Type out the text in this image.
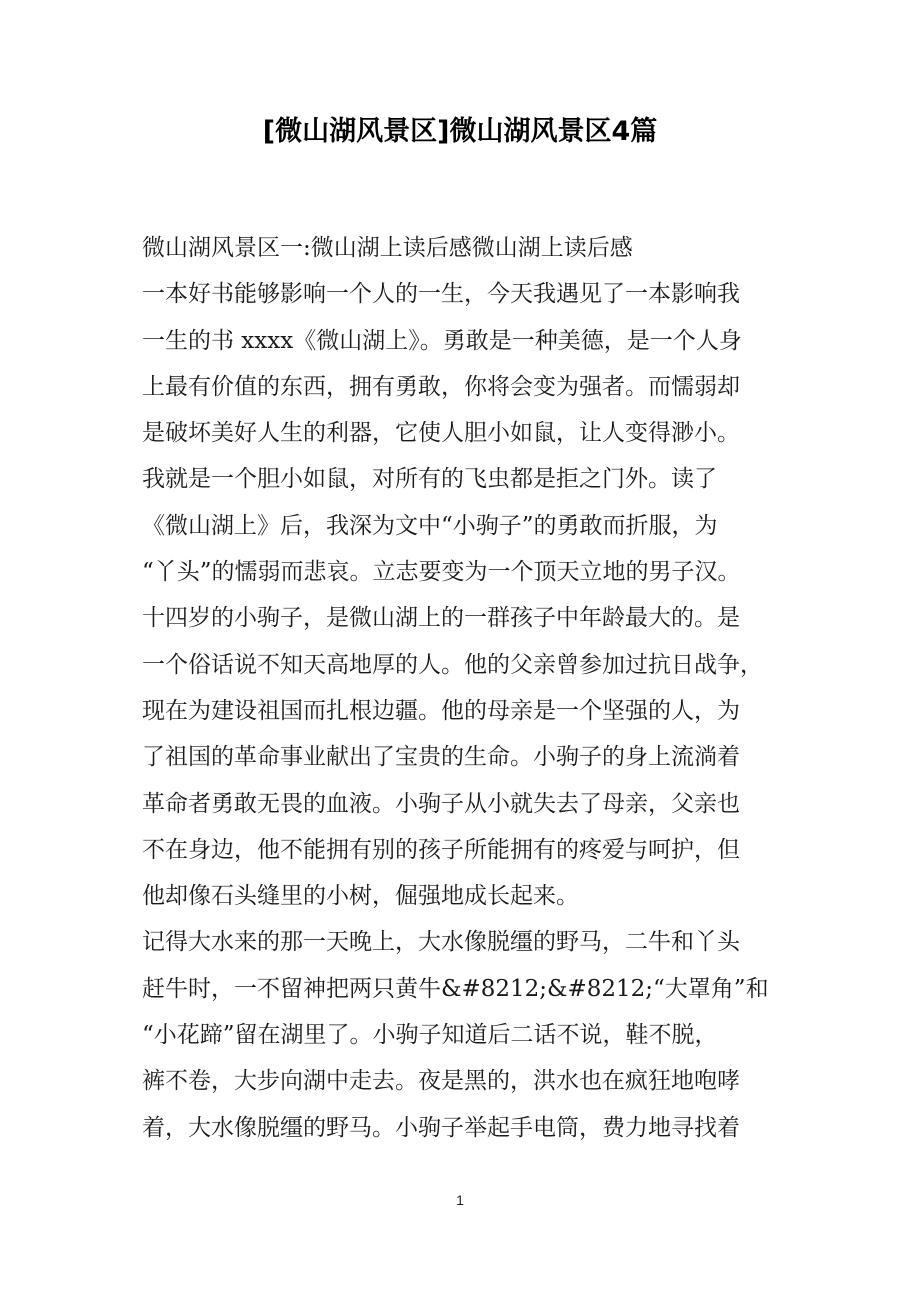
[微山湖风景区]微山湖风景区4篇
微山湖风景区一:微山湖上读后感微山湖上读后感
一本好书能够影响一个人的一生，今天我遇见了一本影响我
一生的书 xxxx《微山湖上》。勇敢是一种美德，是一个人身
上最有价值的东西，拥有勇敢，你将会变为强者。而懦弱却
是破坏美好人生的利器，它使人胆小如鼠，让人变得渺小。
我就是一个胆小如鼠，对所有的飞虫都是拒之门外。读了
《微山湖上》后，我深为文中“小驹子”的勇敢而折服，为
“丫头”的懦弱而悲哀。立志要变为一个顶天立地的男子汉。
十四岁的小驹子，是微山湖上的一群孩子中年龄最大的。是
一个俗话说不知天高地厚的人。他的父亲曾参加过抗日战争，
现在为建设祖国而扎根边疆。他的母亲是一个坚强的人，为
了祖国的革命事业献出了宝贵的生命。小驹子的身上流淌着
革命者勇敢无畏的血液。小驹子从小就失去了母亲，父亲也
不在身边，他不能拥有别的孩子所能拥有的疼爱与呵护，但
他却像石头缝里的小树，倔强地成长起来。
记得大水来的那一天晚上，大水像脱缰的野马，二牛和丫头
赶牛时，一不留神把两只黄牛&#8212;&#8212;“大罩角”和
“小花蹄”留在湖里了。小驹子知道后二话不说，鞋不脱，
裤不卷，大步向湖中走去。夜是黑的，洪水也在疯狂地咆哮
着，大水像脱缰的野马。小驹子举起手电筒，费力地寻找着
1
